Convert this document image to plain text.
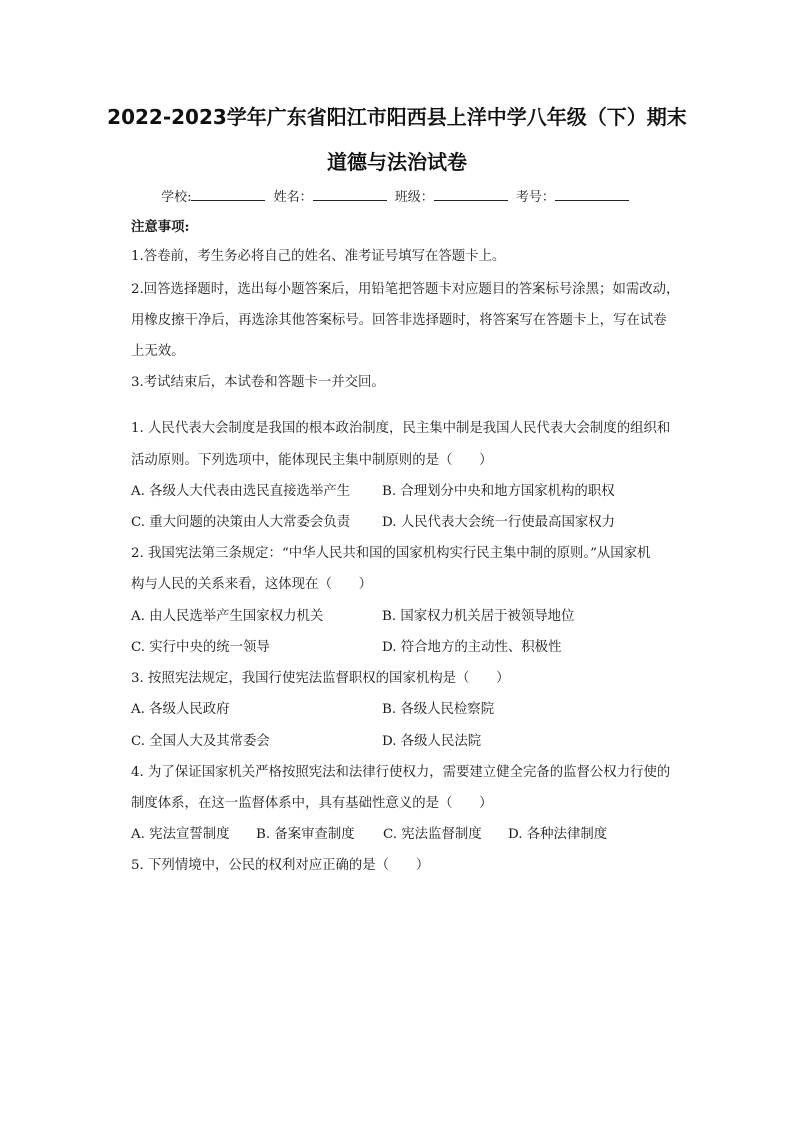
2022-2023学年广东省阳江市阳西县上洋中学八年级（下）期末
道德与法治试卷
学校:	姓名：	班级：	考号：
注意事项:
1.答卷前，考生务必将自己的姓名、准考证号填写在答题卡上。
2.回答选择题时，选出每小题答案后，用铅笔把答题卡对应题目的答案标号涂黑；如需改动，
用橡皮擦干净后，再选涂其他答案标号。回答非选择题时，将答案写在答题卡上，写在试卷
上无效。
3.考试结束后，本试卷和答题卡一并交回。
1. 人民代表大会制度是我国的根本政治制度，民主集中制是我国人民代表大会制度的组织和
活动原则。下列选项中，能体现民主集中制原则的是（　　）
A. 各级人大代表由选民直接选举产生 B. 合理划分中央和地方国家机构的职权
C. 重大问题的决策由人大常委会负责 D. 人民代表大会统一行使最高国家权力
2. 我国宪法第三条规定：“中华人民共和国的国家机构实行民主集中制的原则。”从国家机
构与人民的关系来看，这体现在（　　）
A. 由人民选举产生国家权力机关	B. 国家权力机关居于被领导地位
C. 实行中央的统一领导	D. 符合地方的主动性、积极性
3. 按照宪法规定，我国行使宪法监督职权的国家机构是（　　）
A. 各级人民政府	B. 各级人民检察院
C. 全国人大及其常委会	D. 各级人民法院
4. 为了保证国家机关严格按照宪法和法律行使权力，需要建立健全完备的监督公权力行使的
制度体系，在这一监督体系中，具有基础性意义的是（　　）
A. 宪法宣誓制度 B. 备案审查制度 C. 宪法监督制度 D. 各种法律制度
5. 下列情境中，公民的权利对应正确的是（　　）
